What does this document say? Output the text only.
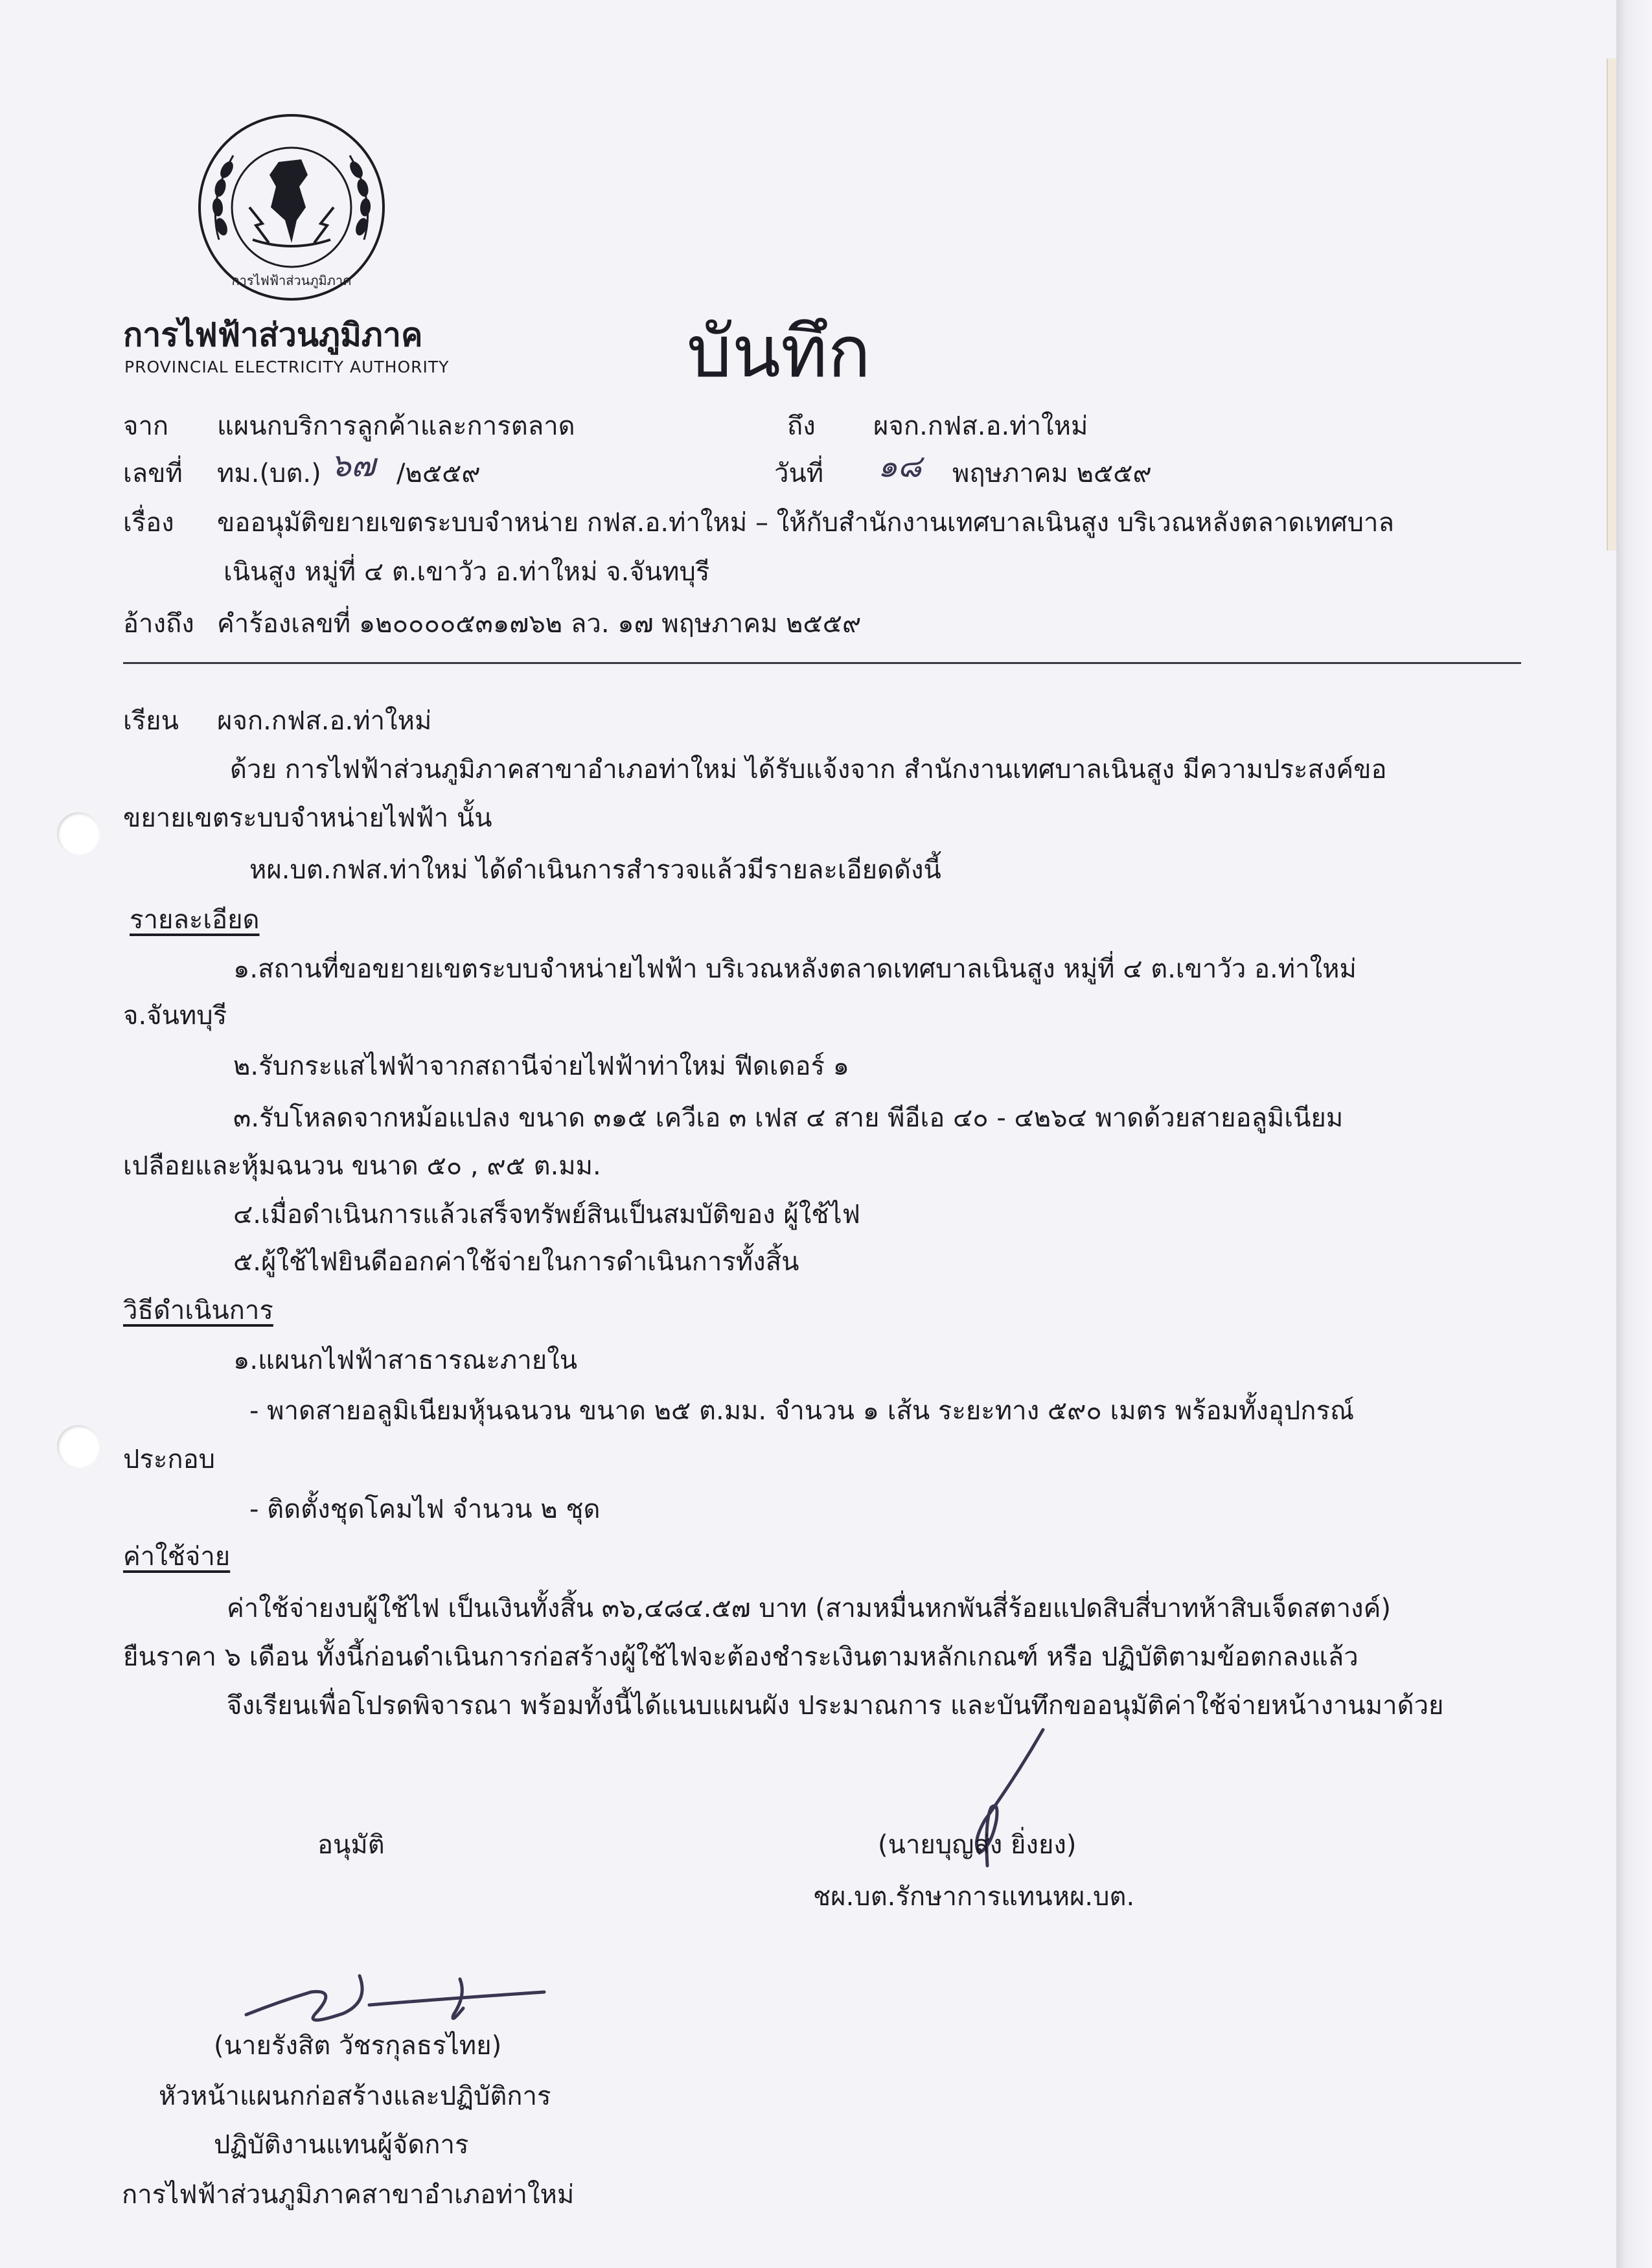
การไฟฟ้าส่วนภูมิภาค
การไฟฟ้าส่วนภูมิภาค
PROVINCIAL ELECTRICITY AUTHORITY	บันทึก
จาก แผนกบริการลูกค้าและการตลาด	ถึง ผจก.กฟส.อ.ท่าใหม่
เลขที่ ทม.(บต.) ๖๗ /๒๕๕๙	วันที่ ๑๘ พฤษภาคม ๒๕๕๙
เรื่อง ขออนุมัติขยายเขตระบบจำหน่าย กฟส.อ.ท่าใหม่ – ให้กับสำนักงานเทศบาลเนินสูง บริเวณหลังตลาดเทศบาล
เนินสูง หมู่ที่ ๔ ต.เขาวัว อ.ท่าใหม่ จ.จันทบุรี
อ้างถึง คำร้องเลขที่ ๑๒๐๐๐๐๕๓๑๗๖๒ ลว. ๑๗ พฤษภาคม ๒๕๕๙
เรียน ผจก.กฟส.อ.ท่าใหม่
ด้วย การไฟฟ้าส่วนภูมิภาคสาขาอำเภอท่าใหม่ ได้รับแจ้งจาก สำนักงานเทศบาลเนินสูง มีความประสงค์ขอ
ขยายเขตระบบจำหน่ายไฟฟ้า นั้น
หผ.บต.กฟส.ท่าใหม่ ได้ดำเนินการสำรวจแล้วมีรายละเอียดดังนี้
รายละเอียด
๑.สถานที่ขอขยายเขตระบบจำหน่ายไฟฟ้า บริเวณหลังตลาดเทศบาลเนินสูง หมู่ที่ ๔ ต.เขาวัว อ.ท่าใหม่
จ.จันทบุรี
๒.รับกระแสไฟฟ้าจากสถานีจ่ายไฟฟ้าท่าใหม่ ฟีดเดอร์ ๑
๓.รับโหลดจากหม้อแปลง ขนาด ๓๑๕ เควีเอ ๓ เฟส ๔ สาย พีอีเอ ๔๐ - ๔๒๖๔ พาดด้วยสายอลูมิเนียม
เปลือยและหุ้มฉนวน ขนาด ๕๐ , ๙๕ ต.มม.
๔.เมื่อดำเนินการแล้วเสร็จทรัพย์สินเป็นสมบัติของ ผู้ใช้ไฟ
๕.ผู้ใช้ไฟยินดีออกค่าใช้จ่ายในการดำเนินการทั้งสิ้น
วิธีดำเนินการ
๑.แผนกไฟฟ้าสาธารณะภายใน
- พาดสายอลูมิเนียมหุ้นฉนวน ขนาด ๒๕ ต.มม. จำนวน ๑ เส้น ระยะทาง ๕๙๐ เมตร พร้อมทั้งอุปกรณ์
ประกอบ
- ติดตั้งชุดโคมไฟ จำนวน ๒ ชุด
ค่าใช้จ่าย
ค่าใช้จ่ายงบผู้ใช้ไฟ เป็นเงินทั้งสิ้น ๓๖,๔๘๔.๕๗ บาท (สามหมื่นหกพันสี่ร้อยแปดสิบสี่บาทห้าสิบเจ็ดสตางค์)
ยืนราคา ๖ เดือน ทั้งนี้ก่อนดำเนินการก่อสร้างผู้ใช้ไฟจะต้องชำระเงินตามหลักเกณฑ์ หรือ ปฏิบัติตามข้อตกลงแล้ว
จึงเรียนเพื่อโปรดพิจารณา พร้อมทั้งนี้ได้แนบแผนผัง ประมาณการ และบันทึกขออนุมัติค่าใช้จ่ายหน้างานมาด้วย
อนุมัติ	(นายบุญส่ง ยิ่งยง)
ชผ.บต.รักษาการแทนหผ.บต.
(นายรังสิต วัชรกุลธรไทย)
หัวหน้าแผนกก่อสร้างและปฏิบัติการ
ปฏิบัติงานแทนผู้จัดการ
การไฟฟ้าส่วนภูมิภาคสาขาอำเภอท่าใหม่
